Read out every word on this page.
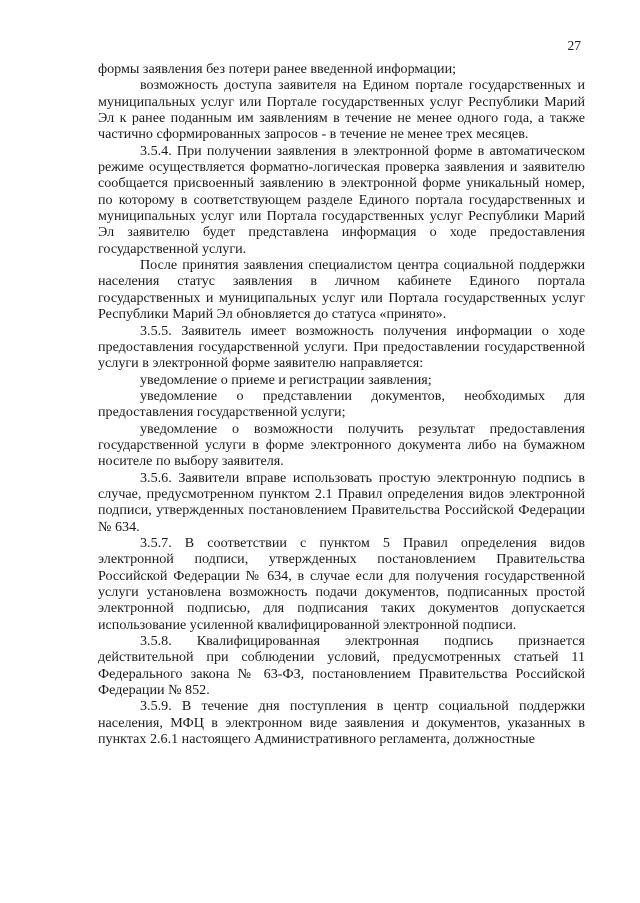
27

формы заявления без потери ранее введенной информации;

возможность доступа заявителя на Едином портале государственных и муниципальных услуг или Портале государственных услуг Республики Марий Эл к ранее поданным им заявлениям в течение не менее одного года, а также частично сформированных запросов - в течение не менее трех месяцев.

3.5.4. При получении заявления в электронной форме в автоматическом режиме осуществляется форматно-логическая проверка заявления и заявителю сообщается присвоенный заявлению в электронной форме уникальный номер, по которому в соответствующем разделе Единого портала государственных и муниципальных услуг или Портала государственных услуг Республики Марий Эл заявителю будет представлена информация о ходе предоставления государственной услуги.

После принятия заявления специалистом центра социальной поддержки населения статус заявления в личном кабинете Единого портала государственных и муниципальных услуг или Портала государственных услуг Республики Марий Эл обновляется до статуса «принято».

3.5.5. Заявитель имеет возможность получения информации о ходе предоставления государственной услуги. При предоставлении государственной услуги в электронной форме заявителю направляется:

уведомление о приеме и регистрации заявления;

уведомление о представлении документов, необходимых для предоставления государственной услуги;

уведомление о возможности получить результат предоставления государственной услуги в форме электронного документа либо на бумажном носителе по выбору заявителя.

3.5.6. Заявители вправе использовать простую электронную подпись в случае, предусмотренном пунктом 2.1 Правил определения видов электронной подписи, утвержденных постановлением Правительства Российской Федерации № 634.

3.5.7. В соответствии с пунктом 5 Правил определения видов электронной подписи, утвержденных постановлением Правительства Российской Федерации № 634, в случае если для получения государственной услуги установлена возможность подачи документов, подписанных простой электронной подписью, для подписания таких документов допускается использование усиленной квалифицированной электронной подписи.

3.5.8. Квалифицированная электронная подпись признается действительной при соблюдении условий, предусмотренных статьей 11 Федерального закона № 63-ФЗ, постановлением Правительства Российской Федерации № 852.

3.5.9. В течение дня поступления в центр социальной поддержки населения, МФЦ в электронном виде заявления и документов, указанных в пунктах 2.6.1 настоящего Административного регламента, должностные
